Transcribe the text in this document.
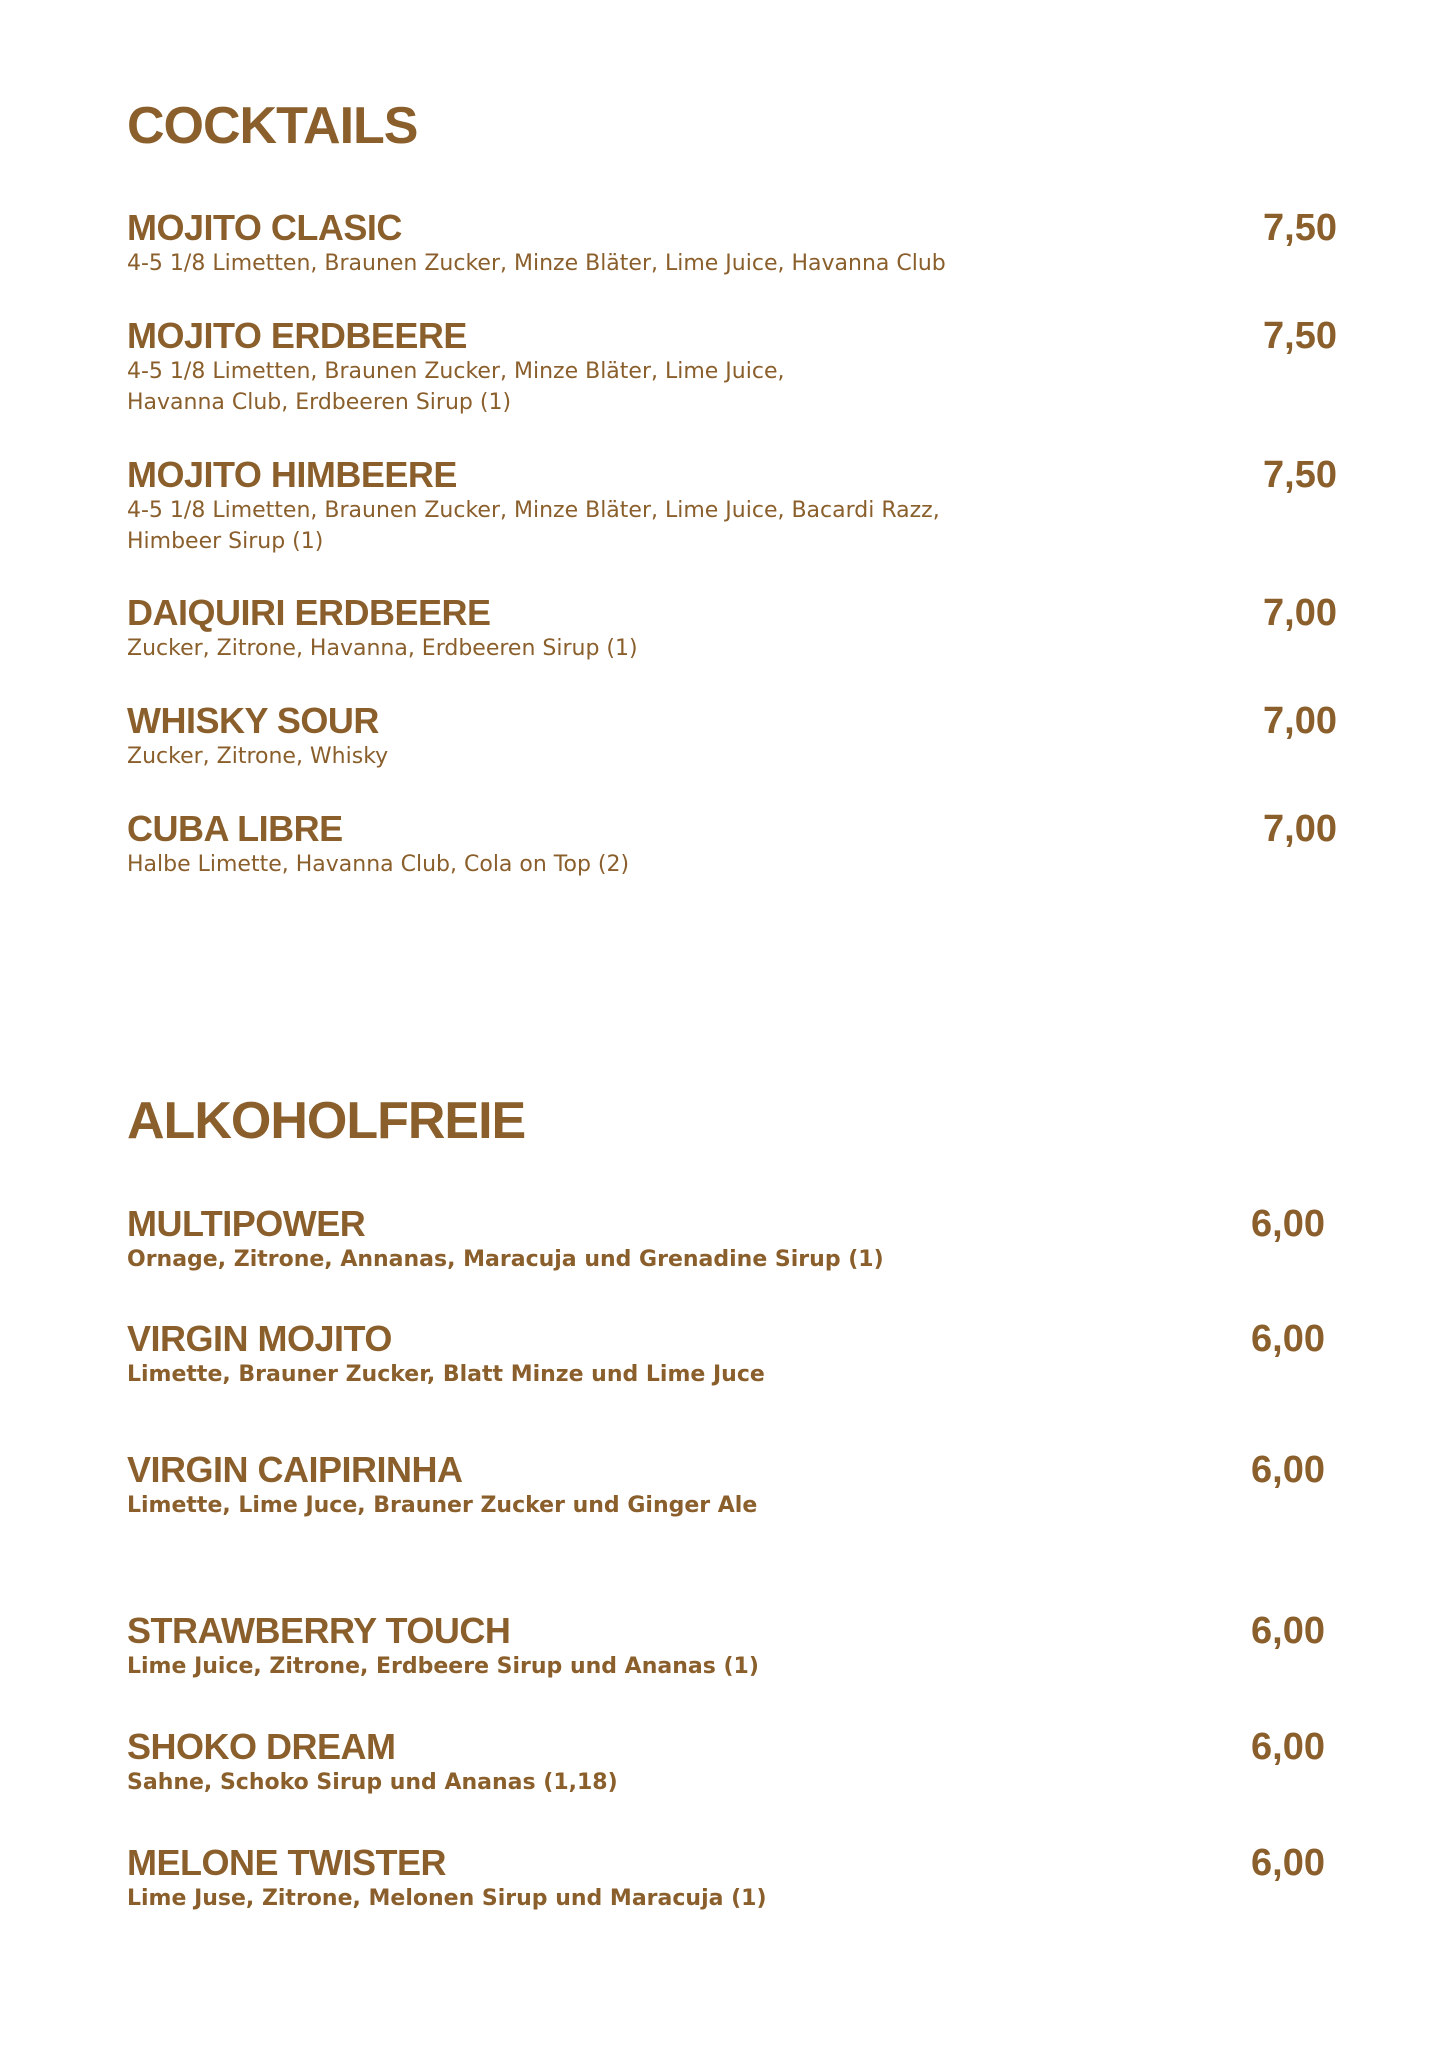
COCKTAILS
MOJITO CLASIC
4-5 1/8 Limetten, Braunen Zucker, Minze Bläter, Lime Juice, Havanna Club
7,50
MOJITO ERDBEERE
4-5 1/8 Limetten, Braunen Zucker, Minze Bläter, Lime Juice,
Havanna Club, Erdbeeren Sirup (1)
7,50
MOJITO HIMBEERE
4-5 1/8 Limetten, Braunen Zucker, Minze Bläter, Lime Juice, Bacardi Razz,
Himbeer Sirup (1)
7,50
DAIQUIRI ERDBEERE
Zucker, Zitrone, Havanna, Erdbeeren Sirup (1)
7,00
WHISKY SOUR
Zucker, Zitrone, Whisky
7,00
CUBA LIBRE
Halbe Limette, Havanna Club, Cola on Top (2)
7,00
ALKOHOLFREIE
MULTIPOWER
Ornage, Zitrone, Annanas, Maracuja und Grenadine Sirup (1)
6,00
VIRGIN MOJITO
Limette, Brauner Zucker, Blatt Minze und Lime Juce
6,00
VIRGIN CAIPIRINHA
Limette, Lime Juce, Brauner Zucker und Ginger Ale
6,00
STRAWBERRY TOUCH
Lime Juice, Zitrone, Erdbeere Sirup und Ananas (1)
6,00
SHOKO DREAM
Sahne, Schoko Sirup und Ananas (1,18)
6,00
MELONE TWISTER
Lime Juse, Zitrone, Melonen Sirup und Maracuja (1)
6,00
